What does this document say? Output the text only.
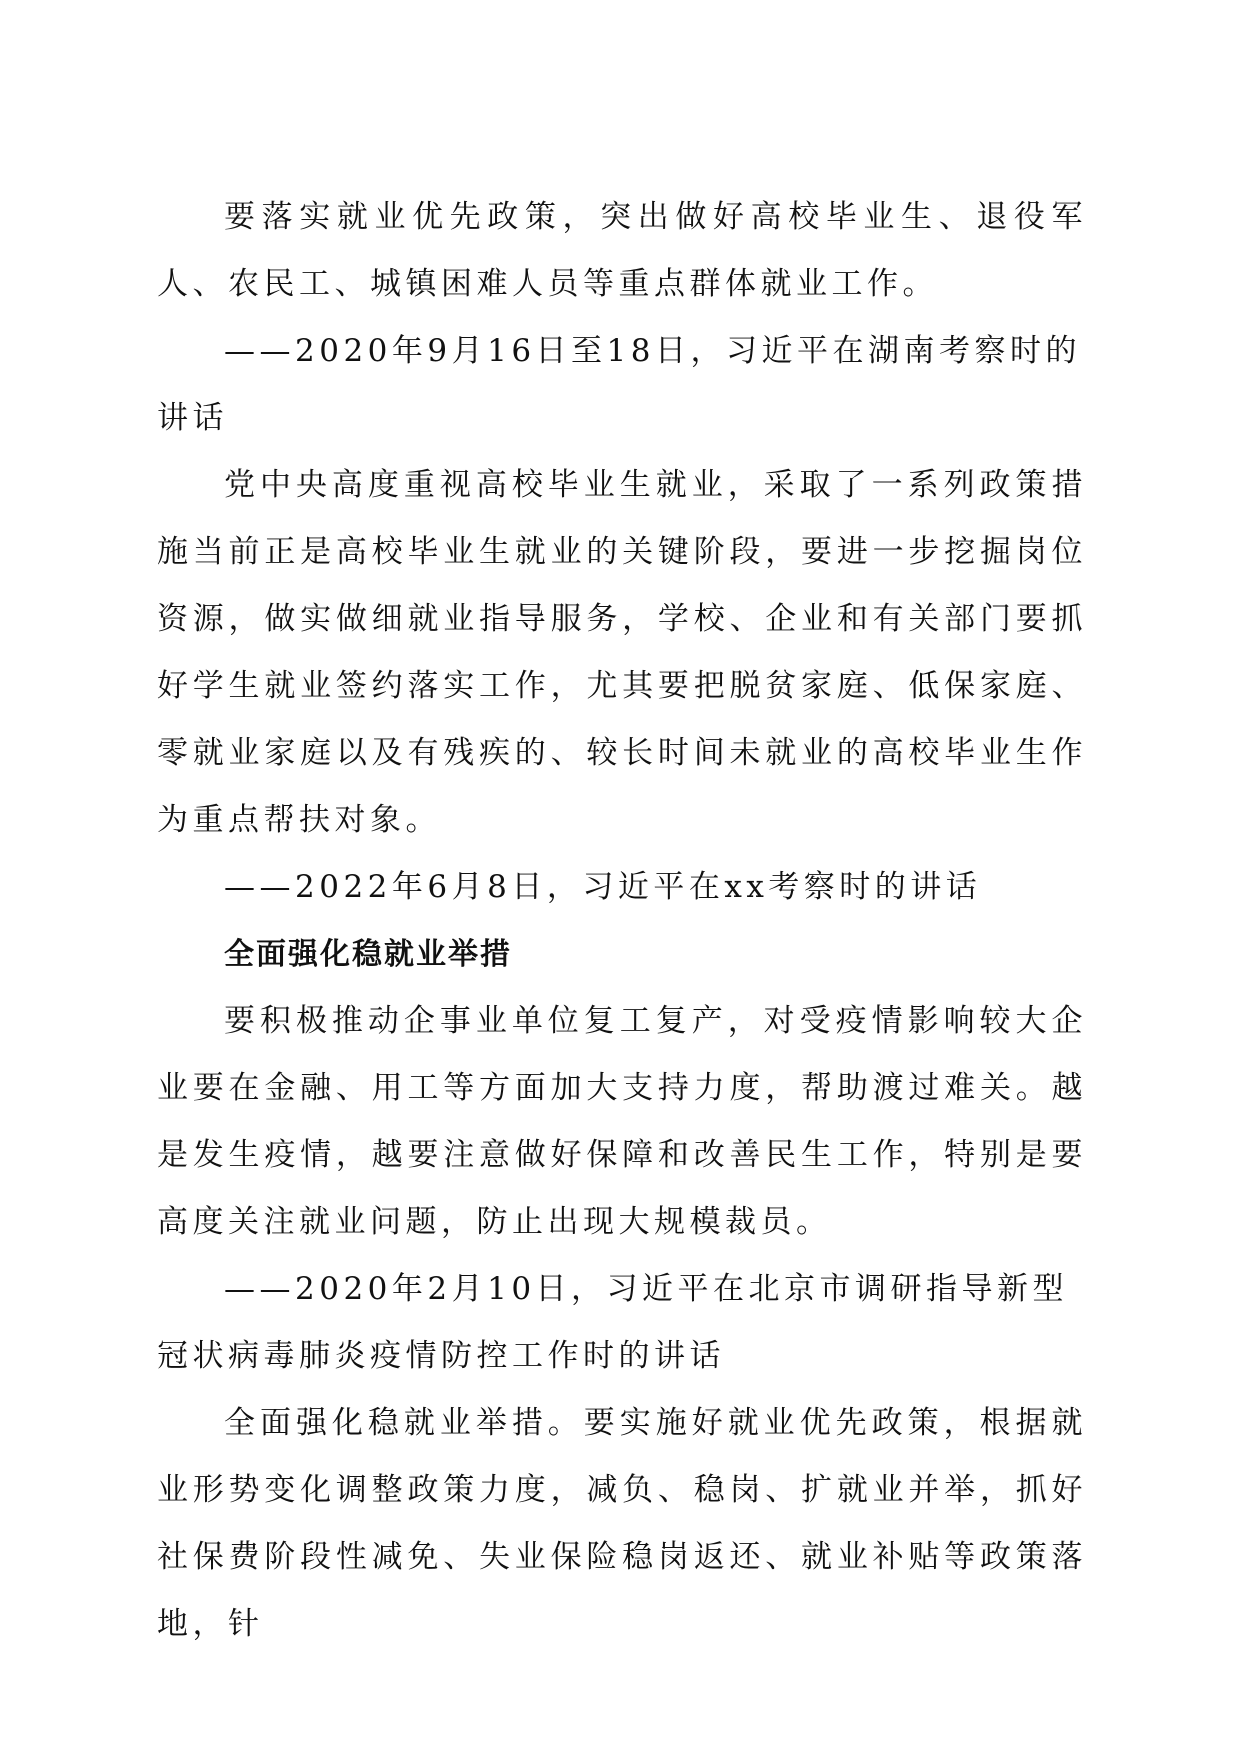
要落实就业优先政策，突出做好高校毕业生、退役军人、农民工、城镇困难人员等重点群体就业工作。

——2020年9月16日至18日，习近平在湖南考察时的讲话

党中央高度重视高校毕业生就业，采取了一系列政策措施当前正是高校毕业生就业的关键阶段，要进一步挖掘岗位资源，做实做细就业指导服务，学校、企业和有关部门要抓好学生就业签约落实工作，尤其要把脱贫家庭、低保家庭、零就业家庭以及有残疾的、较长时间未就业的高校毕业生作为重点帮扶对象。

——2022年6月8日，习近平在xx考察时的讲话

全面强化稳就业举措

要积极推动企事业单位复工复产，对受疫情影响较大企业要在金融、用工等方面加大支持力度，帮助渡过难关。越是发生疫情，越要注意做好保障和改善民生工作，特别是要高度关注就业问题，防止出现大规模裁员。

——2020年2月10日，习近平在北京市调研指导新型冠状病毒肺炎疫情防控工作时的讲话

全面强化稳就业举措。要实施好就业优先政策，根据就业形势变化调整政策力度，减负、稳岗、扩就业并举，抓好社保费阶段性减免、失业保险稳岗返还、就业补贴等政策落地，针
